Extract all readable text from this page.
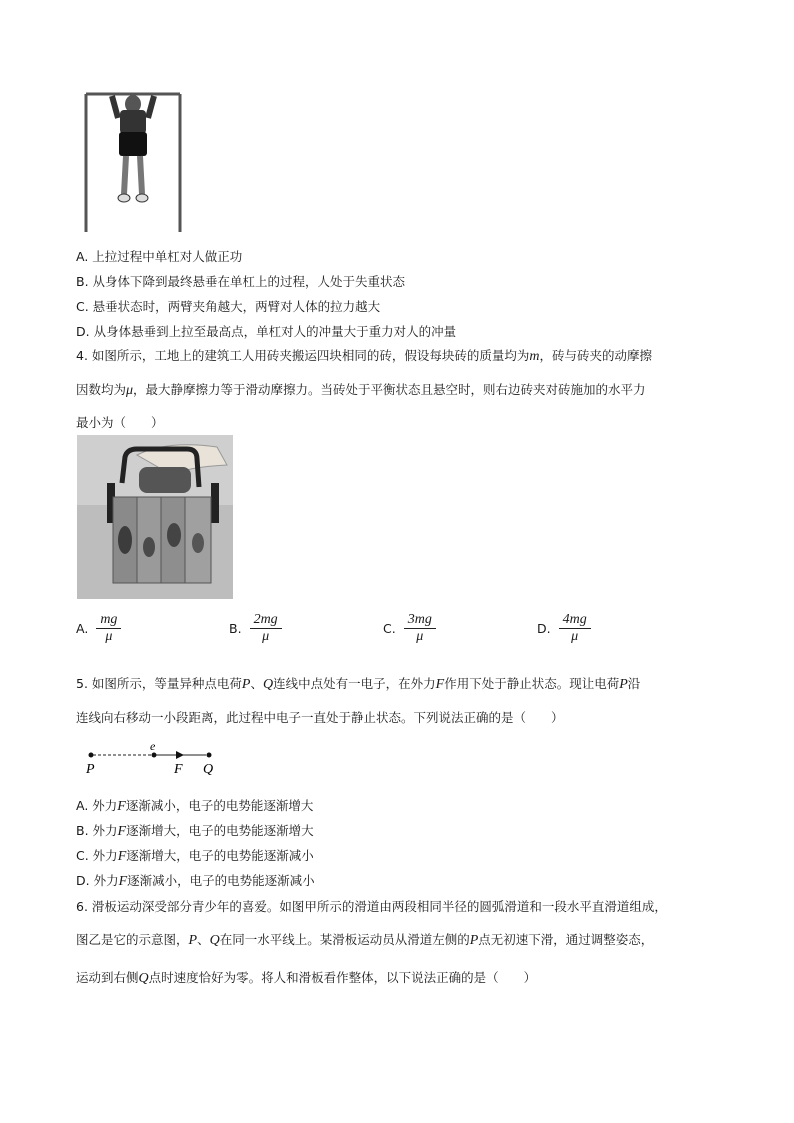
A. 上拉过程中单杠对人做正功
B. 从身体下降到最终悬垂在单杠上的过程，人处于失重状态
C. 悬垂状态时，两臂夹角越大，两臂对人体的拉力越大
D. 从身体悬垂到上拉至最高点，单杠对人的冲量大于重力对人的冲量
4. 如图所示，工地上的建筑工人用砖夹搬运四块相同的砖，假设每块砖的质量均为m，砖与砖夹的动摩擦
因数均为μ，最大静摩擦力等于滑动摩擦力。当砖处于平衡状态且悬空时，则右边砖夹对砖施加的水平力
最小为（　　）
A. $\frac{mg}{\mu}$	B. $\frac{2mg}{\mu}$	C. $\frac{3mg}{\mu}$	D. $\frac{4mg}{\mu}$
5. 如图所示，等量异种点电荷P、Q连线中点处有一电子，在外力F作用下处于静止状态。现让电荷P沿
连线向右移动一小段距离，此过程中电子一直处于静止状态。下列说法正确的是（　　）
P
e
F Q
A. 外力F逐渐减小，电子的电势能逐渐增大
B. 外力F逐渐增大，电子的电势能逐渐增大
C. 外力F逐渐增大，电子的电势能逐渐减小
D. 外力F逐渐减小，电子的电势能逐渐减小
6. 滑板运动深受部分青少年的喜爱。如图甲所示的滑道由两段相同半径的圆弧滑道和一段水平直滑道组成，
图乙是它的示意图，P、Q在同一水平线上。某滑板运动员从滑道左侧的P点无初速下滑，通过调整姿态，
运动到右侧Q点时速度恰好为零。将人和滑板看作整体，以下说法正确的是（　　）
